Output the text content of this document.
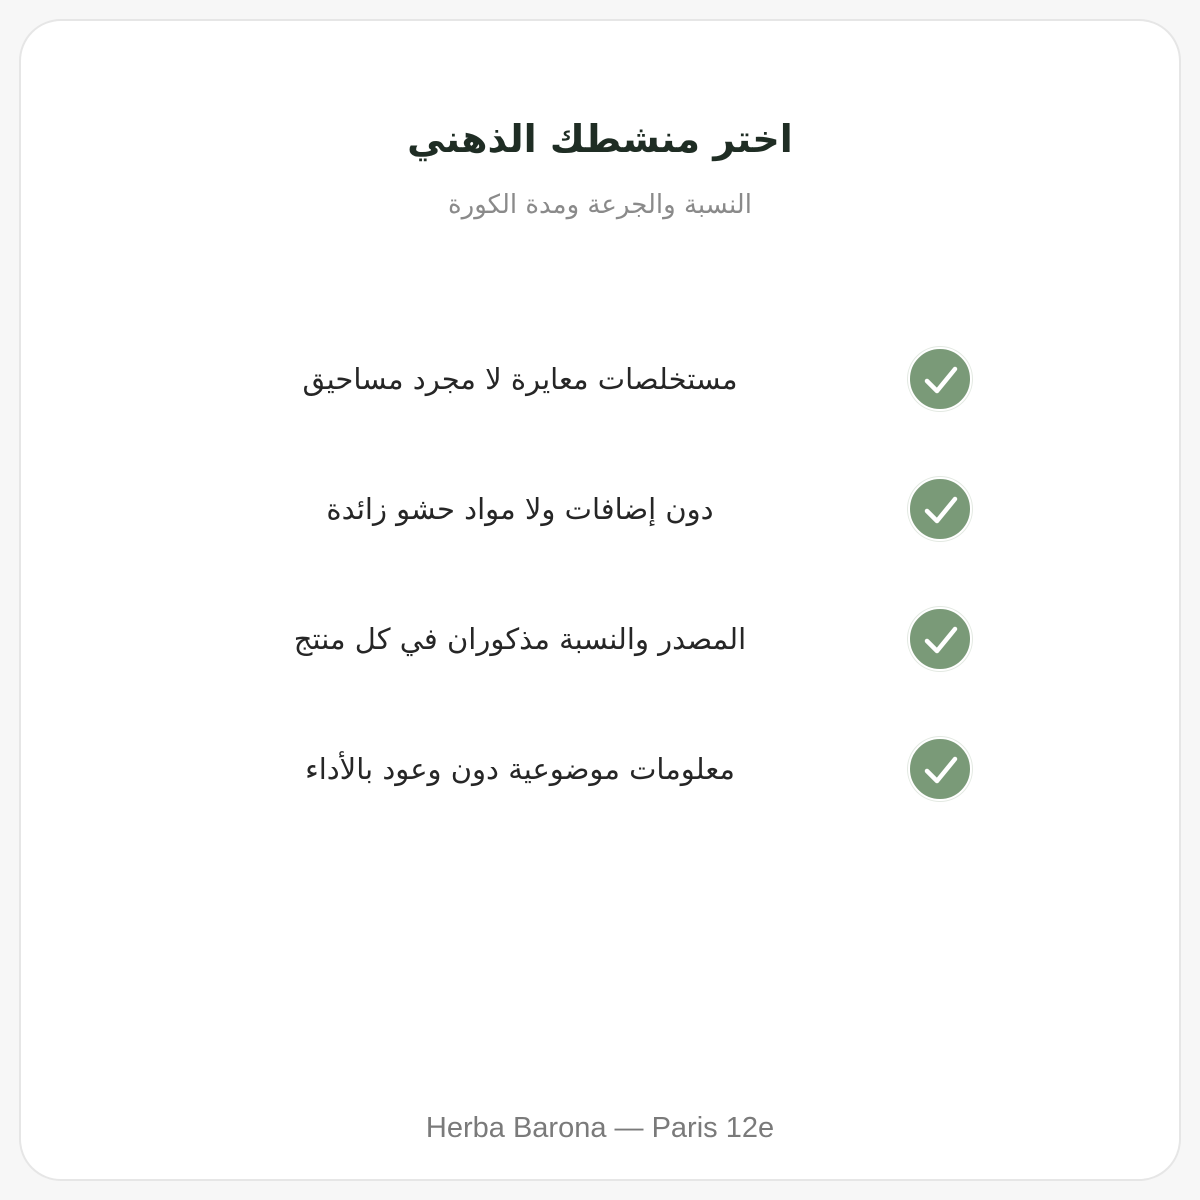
اختر منشطك الذهني

النسبة والجرعة ومدة الكورة

مستخلصات معايرة لا مجرد مساحيق
دون إضافات ولا مواد حشو زائدة
المصدر والنسبة مذكوران في كل منتج
معلومات موضوعية دون وعود بالأداء

Herba Barona — Paris 12e
